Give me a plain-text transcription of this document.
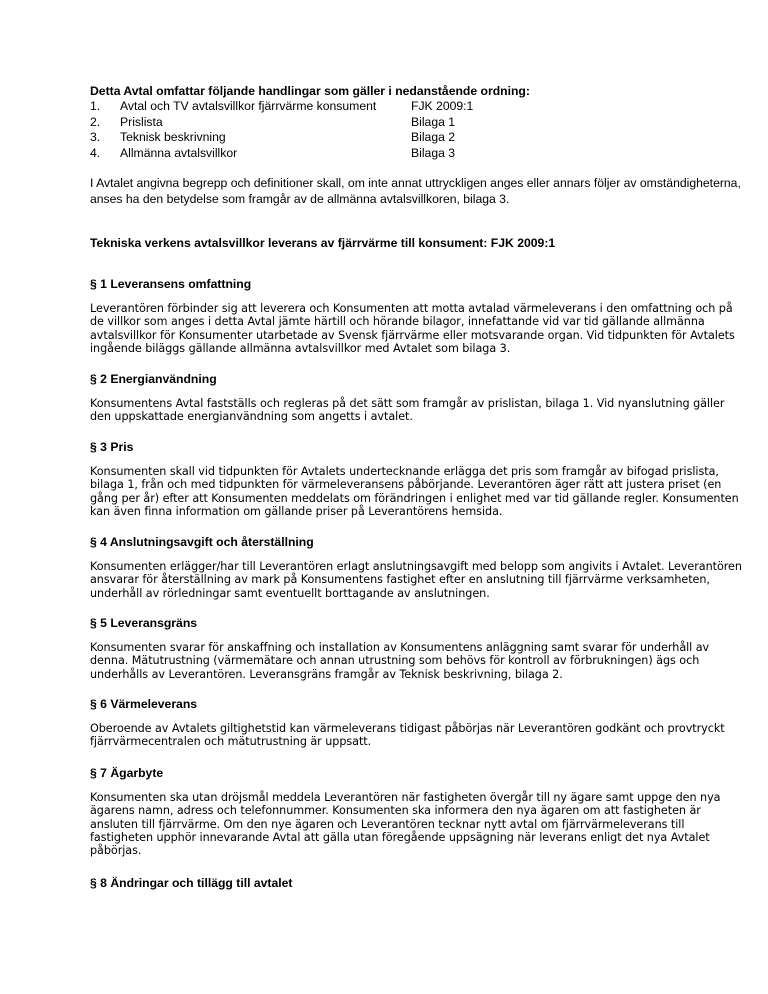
Detta Avtal omfattar följande handlingar som gäller i nedanstående ordning:

1.	Avtal och TV avtalsvillkor fjärrvärme konsument	FJK 2009:1
2.	Prislista	Bilaga 1
3.	Teknisk beskrivning	Bilaga 2
4.	Allmänna avtalsvillkor	Bilaga 3

I Avtalet angivna begrepp och definitioner skall, om inte annat uttryckligen anges eller annars följer av omständigheterna, anses ha den betydelse som framgår av de allmänna avtalsvillkoren, bilaga 3.

Tekniska verkens avtalsvillkor leverans av fjärrvärme till konsument: FJK 2009:1

§ 1 Leveransens omfattning

Leverantören förbinder sig att leverera och Konsumenten att motta avtalad värmeleverans i den omfattning och på de villkor som anges i detta Avtal jämte härtill och hörande bilagor, innefattande vid var tid gällande allmänna avtalsvillkor för Konsumenter utarbetade av Svensk fjärrvärme eller motsvarande organ. Vid tidpunkten för Avtalets ingående biläggs gällande allmänna avtalsvillkor med Avtalet som bilaga 3.

§ 2 Energianvändning

Konsumentens Avtal fastställs och regleras på det sätt som framgår av prislistan, bilaga 1. Vid nyanslutning gäller den uppskattade energianvändning som angetts i avtalet.

§ 3 Pris

Konsumenten skall vid tidpunkten för Avtalets undertecknande erlägga det pris som framgår av bifogad prislista, bilaga 1, från och med tidpunkten för värmeleveransens påbörjande. Leverantören äger rätt att justera priset (en gång per år) efter att Konsumenten meddelats om förändringen i enlighet med var tid gällande regler. Konsumenten kan även finna information om gällande priser på Leverantörens hemsida.

§ 4 Anslutningsavgift och återställning

Konsumenten erlägger/har till Leverantören erlagt anslutningsavgift med belopp som angivits i Avtalet. Leverantören ansvarar för återställning av mark på Konsumentens fastighet efter en anslutning till fjärrvärme verksamheten, underhåll av rörledningar samt eventuellt borttagande av anslutningen.

§ 5 Leveransgräns

Konsumenten svarar för anskaffning och installation av Konsumentens anläggning samt svarar för underhåll av denna. Mätutrustning (värmemätare och annan utrustning som behövs för kontroll av förbrukningen) ägs och underhålls av Leverantören. Leveransgräns framgår av Teknisk beskrivning, bilaga 2.

§ 6 Värmeleverans

Oberoende av Avtalets giltighetstid kan värmeleverans tidigast påbörjas när Leverantören godkänt och provtryckt fjärrvärmecentralen och mätutrustning är uppsatt.

§ 7 Ägarbyte

Konsumenten ska utan dröjsmål meddela Leverantören när fastigheten övergår till ny ägare samt uppge den nya ägarens namn, adress och telefonnummer. Konsumenten ska informera den nya ägaren om att fastigheten är ansluten till fjärrvärme. Om den nye ägaren och Leverantören tecknar nytt avtal om fjärrvärmeleverans till fastigheten upphör innevarande Avtal att gälla utan föregående uppsägning när leverans enligt det nya Avtalet påbörjas.

§ 8 Ändringar och tillägg till avtalet
